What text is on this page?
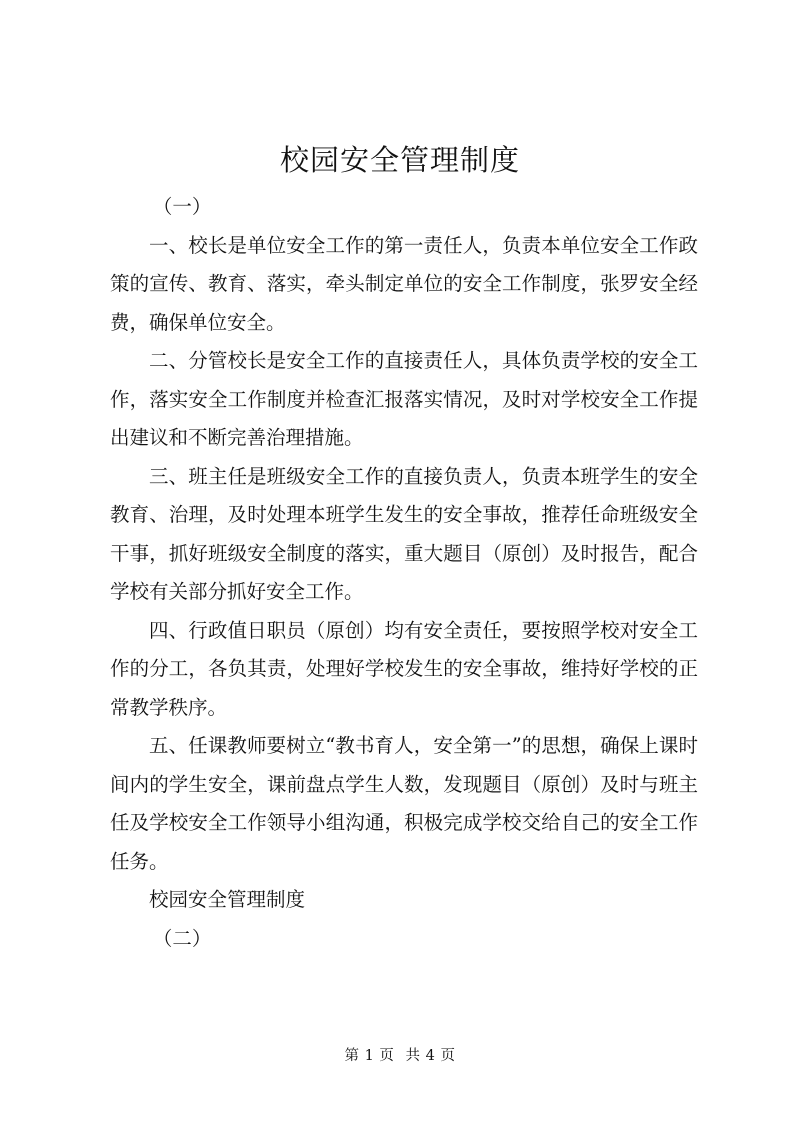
校园安全管理制度

（一）

一、校长是单位安全工作的第一责任人，负责本单位安全工作政策的宣传、教育、落实，牵头制定单位的安全工作制度，张罗安全经费，确保单位安全。

二、分管校长是安全工作的直接责任人，具体负责学校的安全工作，落实安全工作制度并检查汇报落实情况，及时对学校安全工作提出建议和不断完善治理措施。

三、班主任是班级安全工作的直接负责人，负责本班学生的安全教育、治理，及时处理本班学生发生的安全事故，推荐任命班级安全干事，抓好班级安全制度的落实，重大题目（原创）及时报告，配合学校有关部分抓好安全工作。

四、行政值日职员（原创）均有安全责任，要按照学校对安全工作的分工，各负其责，处理好学校发生的安全事故，维持好学校的正常教学秩序。

五、任课教师要树立“教书育人，安全第一”的思想，确保上课时间内的学生安全，课前盘点学生人数，发现题目（原创）及时与班主任及学校安全工作领导小组沟通，积极完成学校交给自己的安全工作任务。

校园安全管理制度

（二）

第 1 页 共 4 页
